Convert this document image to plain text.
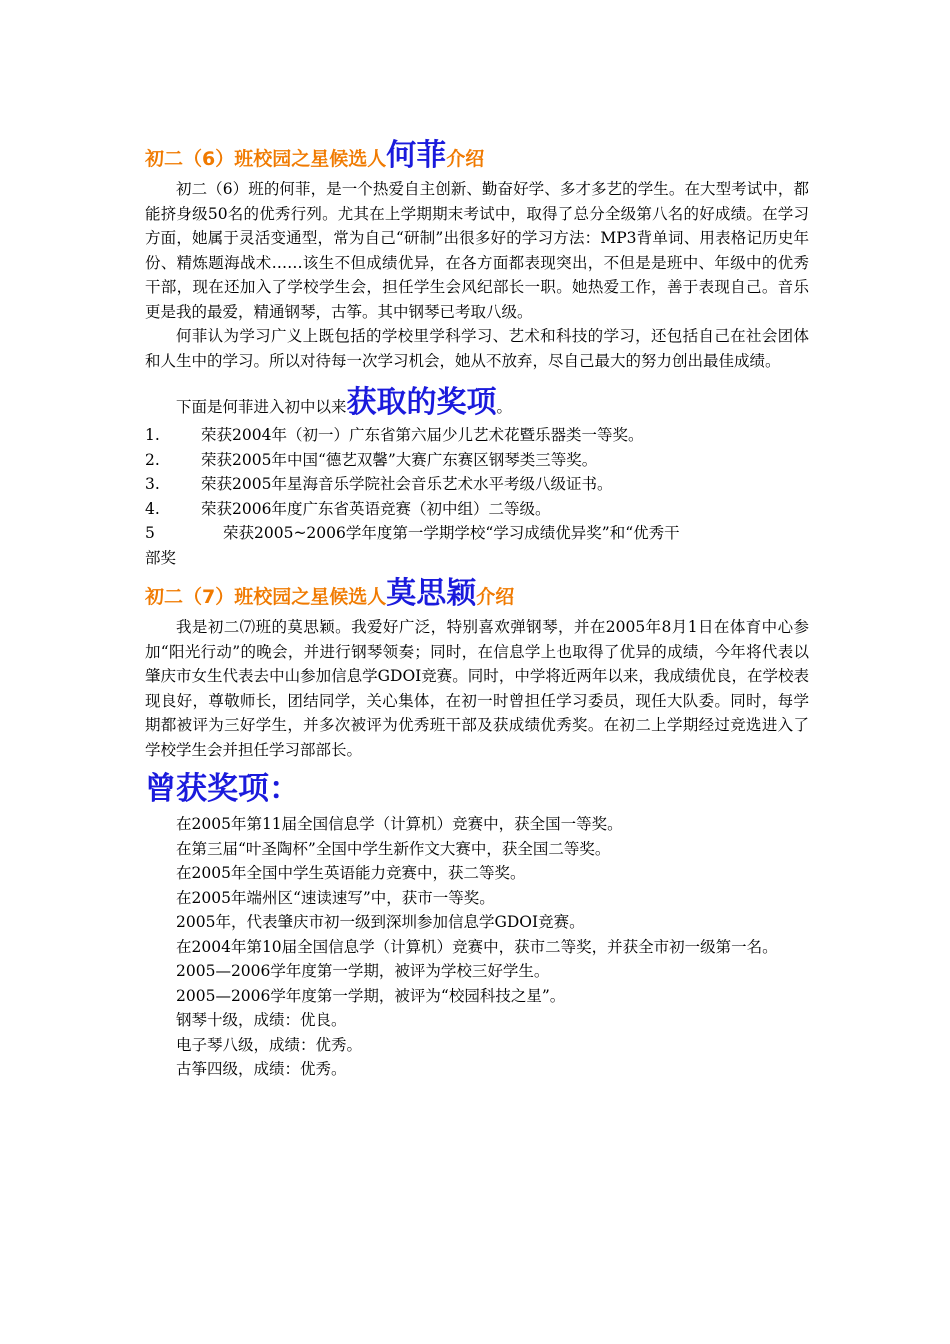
初二（6）班校园之星候选人何菲介绍

初二（6）班的何菲，是一个热爱自主创新、勤奋好学、多才多艺的学生。在大型考试中，都能挤身级50名的优秀行列。尤其在上学期期末考试中，取得了总分全级第八名的好成绩。在学习方面，她属于灵活变通型，常为自己“研制”出很多好的学习方法：MP3背单词、用表格记历史年份、精炼题海战术……该生不但成绩优异，在各方面都表现突出，不但是是班中、年级中的优秀干部，现在还加入了学校学生会，担任学生会风纪部长一职。她热爱工作，善于表现自己。音乐更是我的最爱，精通钢琴，古筝。其中钢琴已考取八级。

何菲认为学习广义上既包括的学校里学科学习、艺术和科技的学习，还包括自己在社会团体和人生中的学习。所以对待每一次学习机会，她从不放弃，尽自己最大的努力创出最佳成绩。

下面是何菲进入初中以来获取的奖项。

1.	荣获2004年（初一）广东省第六届少儿艺术花暨乐器类一等奖。
2.	荣获2005年中国“德艺双馨”大赛广东赛区钢琴类三等奖。
3.	荣获2005年星海音乐学院社会音乐艺术水平考级八级证书。
4.	荣获2006年度广东省英语竞赛（初中组）二等级。
5	荣获2005~2006学年度第一学期学校“学习成绩优异奖”和“优秀干
部奖
初二（7）班校园之星候选人莫思颖介绍

我是初二⑺班的莫思颖。我爱好广泛，特别喜欢弹钢琴，并在2005年8月1日在体育中心参加“阳光行动”的晚会，并进行钢琴领奏；同时，在信息学上也取得了优异的成绩，今年将代表以肇庆市女生代表去中山参加信息学GDOI竞赛。同时，中学将近两年以来，我成绩优良，在学校表现良好，尊敬师长，团结同学，关心集体，在初一时曾担任学习委员，现任大队委。同时，每学期都被评为三好学生，并多次被评为优秀班干部及获成绩优秀奖。在初二上学期经过竞选进入了学校学生会并担任学习部部长。

曾获奖项：

在2005年第11届全国信息学（计算机）竞赛中，获全国一等奖。

在第三届“叶圣陶杯”全国中学生新作文大赛中，获全国二等奖。

在2005年全国中学生英语能力竞赛中，获二等奖。

在2005年端州区“速读速写”中，获市一等奖。

2005年，代表肇庆市初一级到深圳参加信息学GDOI竞赛。

在2004年第10届全国信息学（计算机）竞赛中，获市二等奖，并获全市初一级第一名。

2005—2006学年度第一学期，被评为学校三好学生。

2005—2006学年度第一学期，被评为“校园科技之星”。

钢琴十级，成绩：优良。

电子琴八级，成绩：优秀。

古筝四级，成绩：优秀。
